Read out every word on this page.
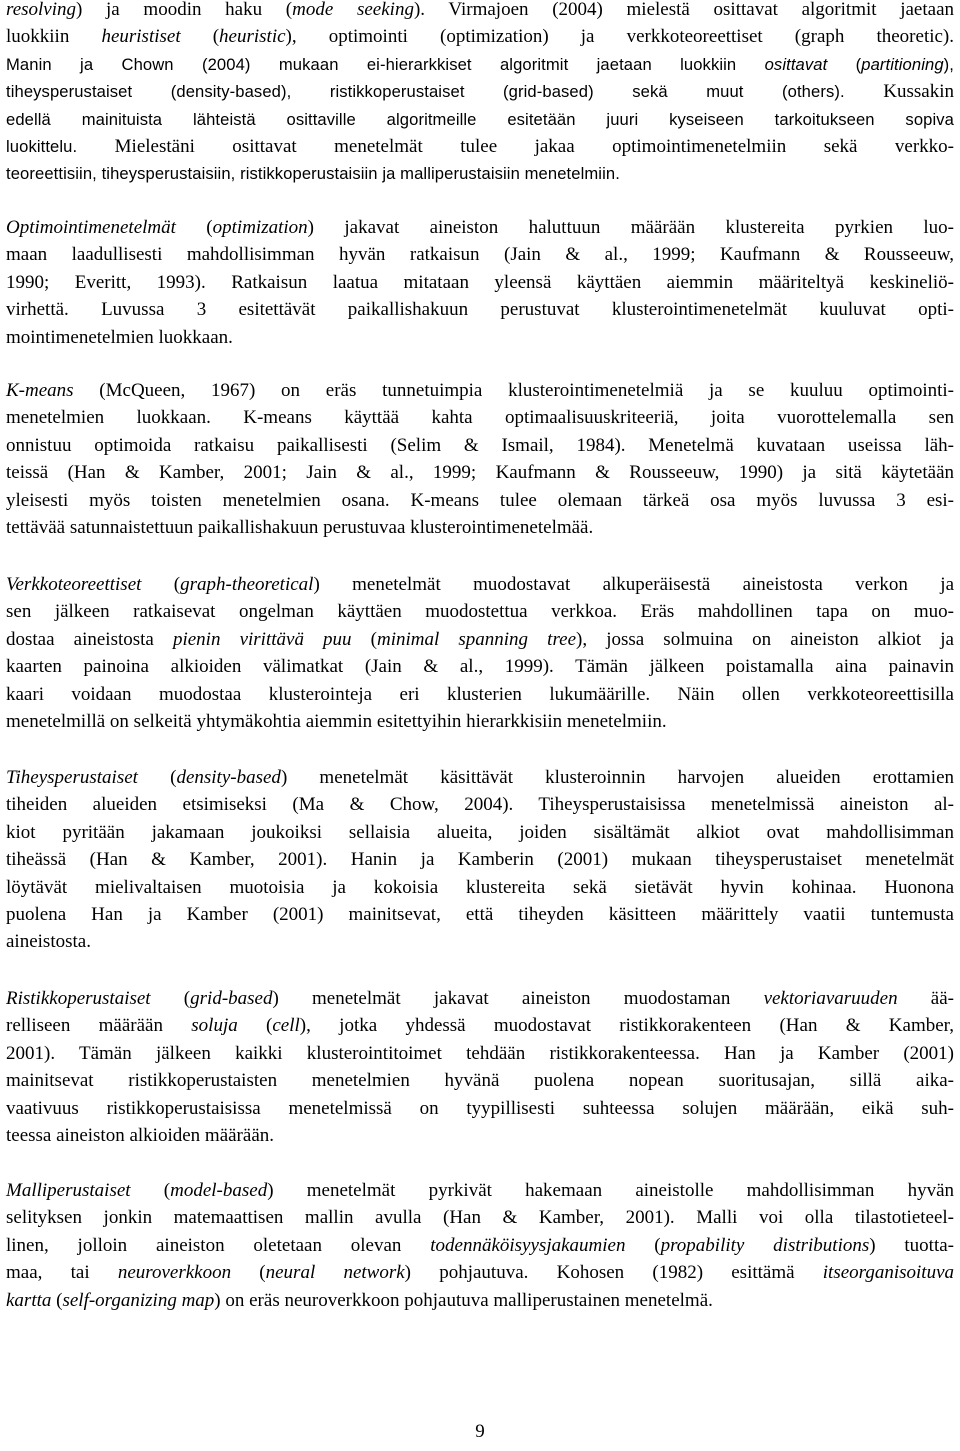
resolving) ja moodin haku (mode seeking). Virmajoen (2004) mielestä osittavat algoritmit jaetaan
luokkiin heuristiset (heuristic), optimointi (optimization) ja verkkoteoreettiset (graph theoretic).
Manin ja Chown (2004) mukaan ei-hierarkkiset algoritmit jaetaan luokkiin osittavat (partitioning),
tiheysperustaiset (density-based), ristikkoperustaiset (grid-based) sekä muut (others). Kussakin
edellä mainituista lähteistä osittaville algoritmeille esitetään juuri kyseiseen tarkoitukseen sopiva
luokittelu. Mielestäni osittavat menetelmät tulee jakaa optimointimenetelmiin sekä verkko-
teoreettisiin, tiheysperustaisiin, ristikkoperustaisiin ja malliperustaisiin menetelmiin.
Optimointimenetelmät (optimization) jakavat aineiston haluttuun määrään klustereita pyrkien luo-
maan laadullisesti mahdollisimman hyvän ratkaisun (Jain & al., 1999; Kaufmann & Rousseeuw,
1990; Everitt, 1993). Ratkaisun laatua mitataan yleensä käyttäen aiemmin määriteltyä keskineliö-
virhettä. Luvussa 3 esitettävät paikallishakuun perustuvat klusterointimenetelmät kuuluvat opti-
mointimenetelmien luokkaan.
K-means (McQueen, 1967) on eräs tunnetuimpia klusterointimenetelmiä ja se kuuluu optimointi-
menetelmien luokkaan. K-means käyttää kahta optimaalisuuskriteeriä, joita vuorottelemalla sen
onnistuu optimoida ratkaisu paikallisesti (Selim & Ismail, 1984). Menetelmä kuvataan useissa läh-
teissä (Han & Kamber, 2001; Jain & al., 1999; Kaufmann & Rousseeuw, 1990) ja sitä käytetään
yleisesti myös toisten menetelmien osana. K-means tulee olemaan tärkeä osa myös luvussa 3 esi-
tettävää satunnaistettuun paikallishakuun perustuvaa klusterointimenetelmää.
Verkkoteoreettiset (graph-theoretical) menetelmät muodostavat alkuperäisestä aineistosta verkon ja
sen jälkeen ratkaisevat ongelman käyttäen muodostettua verkkoa. Eräs mahdollinen tapa on muo-
dostaa aineistosta pienin virittävä puu (minimal spanning tree), jossa solmuina on aineiston alkiot ja
kaarten painoina alkioiden välimatkat (Jain & al., 1999). Tämän jälkeen poistamalla aina painavin
kaari voidaan muodostaa klusterointeja eri klusterien lukumäärille. Näin ollen verkkoteoreettisilla
menetelmillä on selkeitä yhtymäkohtia aiemmin esitettyihin hierarkkisiin menetelmiin.
Tiheysperustaiset (density-based) menetelmät käsittävät klusteroinnin harvojen alueiden erottamien
tiheiden alueiden etsimiseksi (Ma & Chow, 2004). Tiheysperustaisissa menetelmissä aineiston al-
kiot pyritään jakamaan joukoiksi sellaisia alueita, joiden sisältämät alkiot ovat mahdollisimman
tiheässä (Han & Kamber, 2001). Hanin ja Kamberin (2001) mukaan tiheysperustaiset menetelmät
löytävät mielivaltaisen muotoisia ja kokoisia klustereita sekä sietävät hyvin kohinaa. Huonona
puolena Han ja Kamber (2001) mainitsevat, että tiheyden käsitteen määrittely vaatii tuntemusta
aineistosta.
Ristikkoperustaiset (grid-based) menetelmät jakavat aineiston muodostaman vektoriavaruuden ää-
relliseen määrään soluja (cell), jotka yhdessä muodostavat ristikkorakenteen (Han & Kamber,
2001). Tämän jälkeen kaikki klusterointitoimet tehdään ristikkorakenteessa. Han ja Kamber (2001)
mainitsevat ristikkoperustaisten menetelmien hyvänä puolena nopean suoritusajan, sillä aika-
vaativuus ristikkoperustaisissa menetelmissä on tyypillisesti suhteessa solujen määrään, eikä suh-
teessa aineiston alkioiden määrään.
Malliperustaiset (model-based) menetelmät pyrkivät hakemaan aineistolle mahdollisimman hyvän
selityksen jonkin matemaattisen mallin avulla (Han & Kamber, 2001). Malli voi olla tilastotieteel-
linen, jolloin aineiston oletetaan olevan todennäköisyysjakaumien (propability distributions) tuotta-
maa, tai neuroverkkoon (neural network) pohjautuva. Kohosen (1982) esittämä itseorganisoituva
kartta (self-organizing map) on eräs neuroverkkoon pohjautuva malliperustainen menetelmä.
9
